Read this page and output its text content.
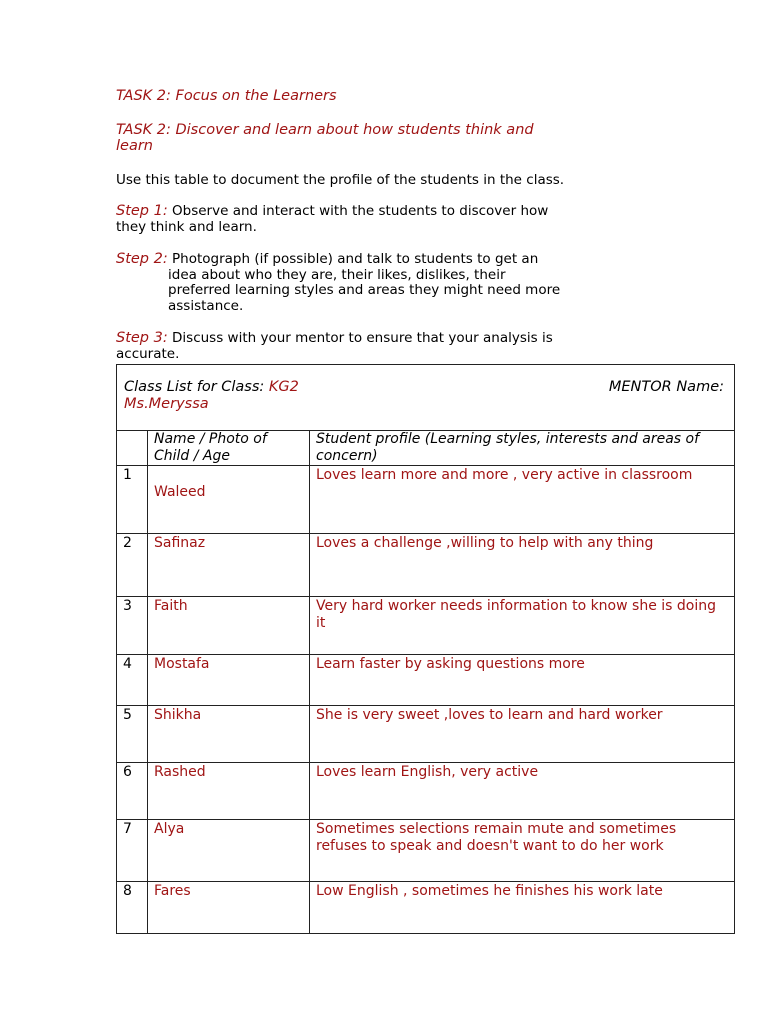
TASK 2: Focus on the Learners
TASK 2: Discover and learn about how students think and
learn
Use this table to document the profile of the students in the class.
Step 1: Observe and interact with the students to discover how
they think and learn.
Step 2: Photograph (if possible) and talk to students to get an
idea about who they are, their likes, dislikes, their
preferred learning styles and areas they might need more
assistance.
Step 3: Discuss with your mentor to ensure that your analysis is
accurate.
Class List for Class: KG2 MENTOR Name:
Ms.Meryssa		

	Name / Photo of Child / Age	Student profile (Learning styles, interests and areas of concern)
1	Waleed	Loves learn more and more , very active in classroom
2	Safinaz	Loves a challenge ,willing to help with any thing
3	Faith	Very hard worker needs information to know she is doing it
4	Mostafa	Learn faster by asking questions more
5	Shikha	She is very sweet ,loves to learn and hard worker
6	Rashed	Loves learn English, very active
7	Alya	Sometimes selections remain mute and sometimes refuses to speak and doesn't want to do her work
8	Fares	Low English , sometimes he finishes his work late
